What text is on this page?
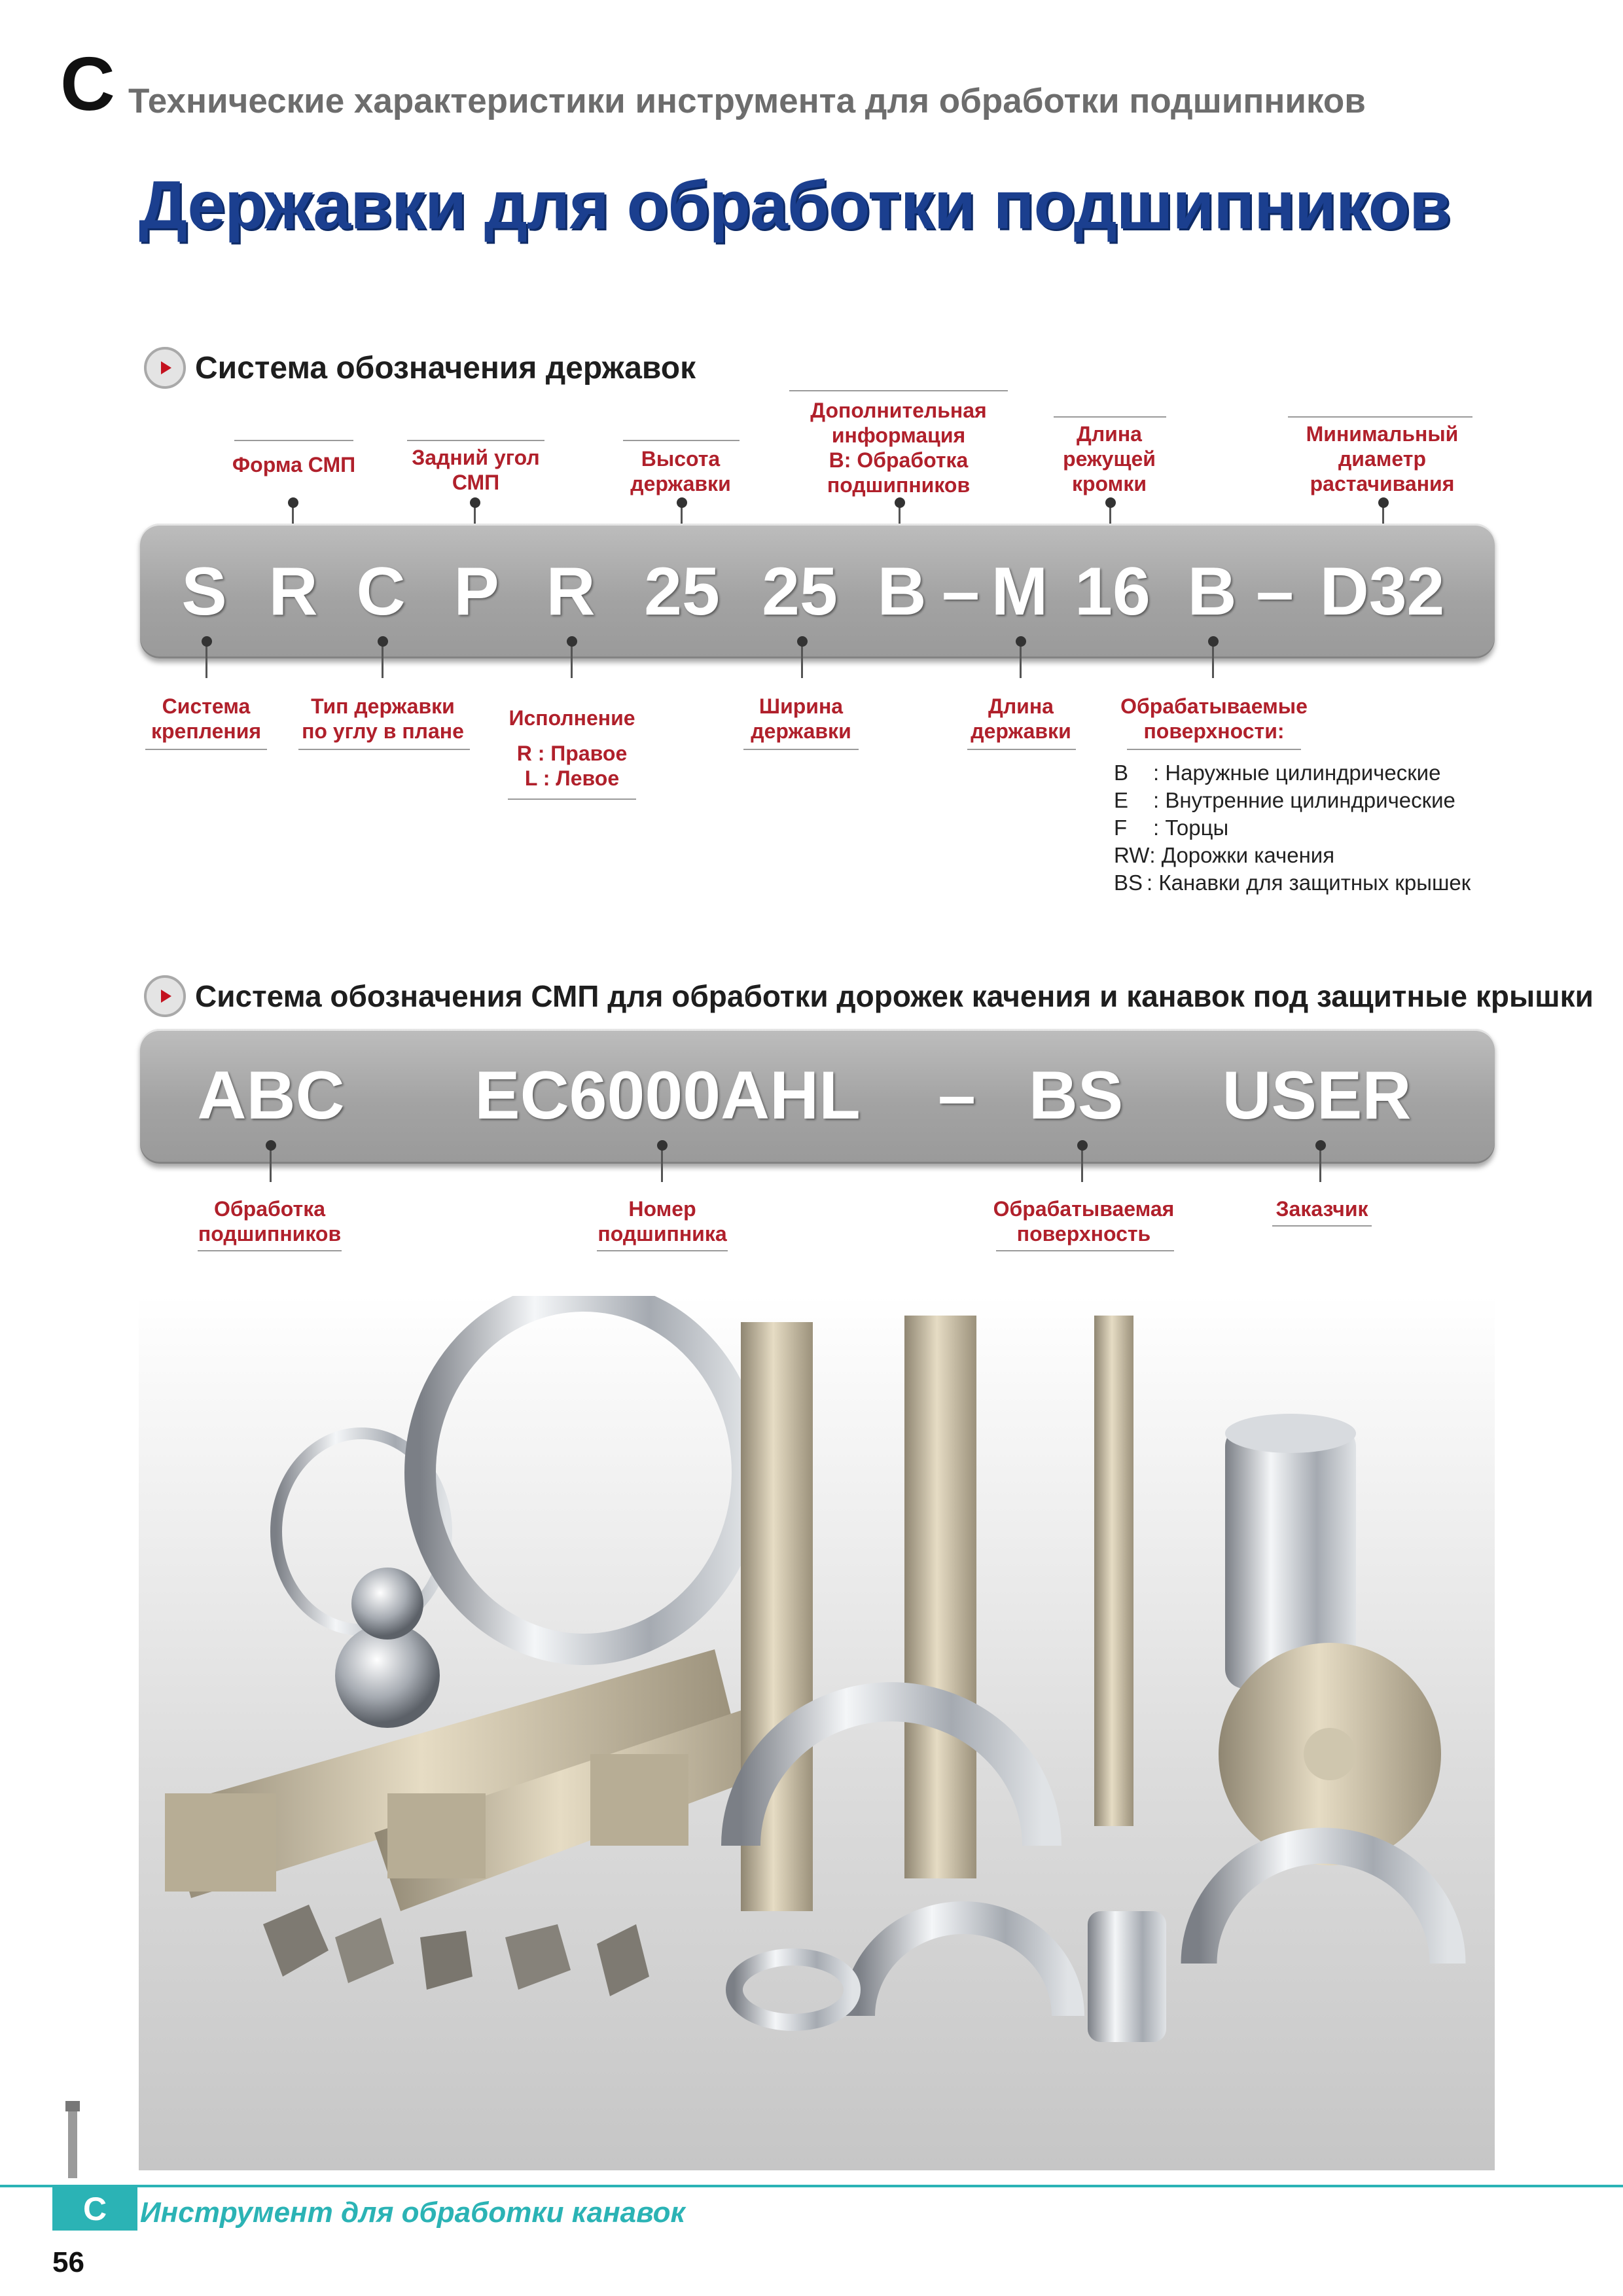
C Технические характеристики инструмента для обработки подшипников
Державки для обработки подшипников
Система обозначения державок
Форма СМП	Задний угол
СМП
Высота
державки
Дополнительная
информация
B: Обработка
подшипников
Длина
режущей
кромки
Минимальный
диаметр
растачивания
S R C P R 25 25 B – M 16 B – D32
Система
крепления
Тип державки
по углу в плане
Исполнение
R : Правое
L : Левое
Ширина
державки
Длина
державки
Обрабатываемые
поверхности:
B : Наружные цилиндрические
E : Внутренние цилиндрические
F : Торцы
RW: Дорожки качения
BS : Канавки для защитных крышек
Система обозначения СМП для обработки дорожек качения и канавок под защитные крышки
ABC EC6000AHL – BS USER
Обработка
подшипников
Номер
подшипника
Обрабатываемая
поверхность
Заказчик
C	Инструмент для обработки канавок
56
